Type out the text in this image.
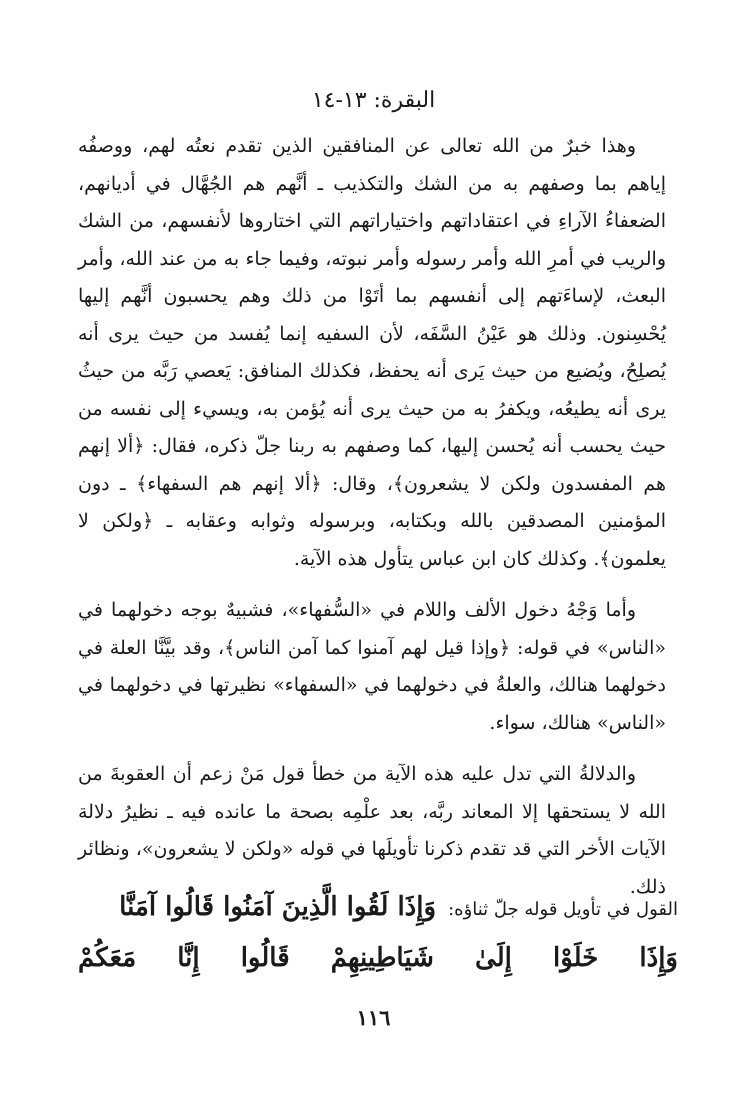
البقرة: ١٣-١٤

وهذا خبرٌ من الله تعالى عن المنافقين الذين تقدم نعتُه لهم، ووصفُه إياهم بما وصفهم به من الشك والتكذيب ـ أنَّهم هم الجُهَّال في أديانهم، الضعفاءُ الآراءِ في اعتقاداتهم واختياراتهم التي اختاروها لأنفسهم، من الشك والريب في أمرِ الله وأمر رسوله وأمر نبوته، وفيما جاء به من عند الله، وأمر البعث، لإساءَتهم إلى أنفسهم بما أتَوْا من ذلك وهم يحسبون أنَّهم إليها يُحْسِنون. وذلك هو عَيْنُ السَّفَه، لأن السفيه إنما يُفسد من حيث يرى أنه يُصلِحُ، ويُضيع من حيث يَرى أنه يحفظ، فكذلك المنافق: يَعصي رَبَّه من حيثُ يرى أنه يطيعُه، ويكفرُ به من حيث يرى أنه يُؤمن به، ويسيء إلى نفسه من حيث يحسب أنه يُحسن إليها، كما وصفهم به ربنا جلّ ذكره، فقال: ﴿ألا إنهم هم المفسدون ولكن لا يشعرون﴾، وقال: ﴿ألا إنهم هم السفهاء﴾ ـ دون المؤمنين المصدقين بالله وبكتابه، وبرسوله وثوابه وعقابه ـ ﴿ولكن لا يعلمون﴾. وكذلك كان ابن عباس يتأول هذه الآية.

وأما وَجْهُ دخول الألف واللام في «السُّفهاء»، فشبيهٌ بوجه دخولهما في «الناس» في قوله: ﴿وإذا قيل لهم آمنوا كما آمن الناس﴾، وقد بيَّنَّا العلة في دخولهما هنالك، والعلةُ في دخولهما في «السفهاء» نظيرتها في دخولهما في «الناس» هنالك، سواء.

والدلالةُ التي تدل عليه هذه الآية من خطأ قول مَنْ زعم أن العقوبةَ من الله لا يستحقها إلا المعاند ربَّه، بعد علْمِه بصحة ما عانده فيه ـ نظيرُ دلالة الآيات الأخر التي قد تقدم ذكرنا تأويلَها في قوله «ولكن لا يشعرون»، ونظائر ذلك.

القول في تأويل قوله جلّ ثناؤه: وَإِذَا لَقُوا الَّذِينَ آمَنُوا قَالُوا آمَنَّا
وَإِذَا خَلَوْا إِلَىٰ شَيَاطِينِهِمْ قَالُوا إِنَّا مَعَكُمْ
١١٦
